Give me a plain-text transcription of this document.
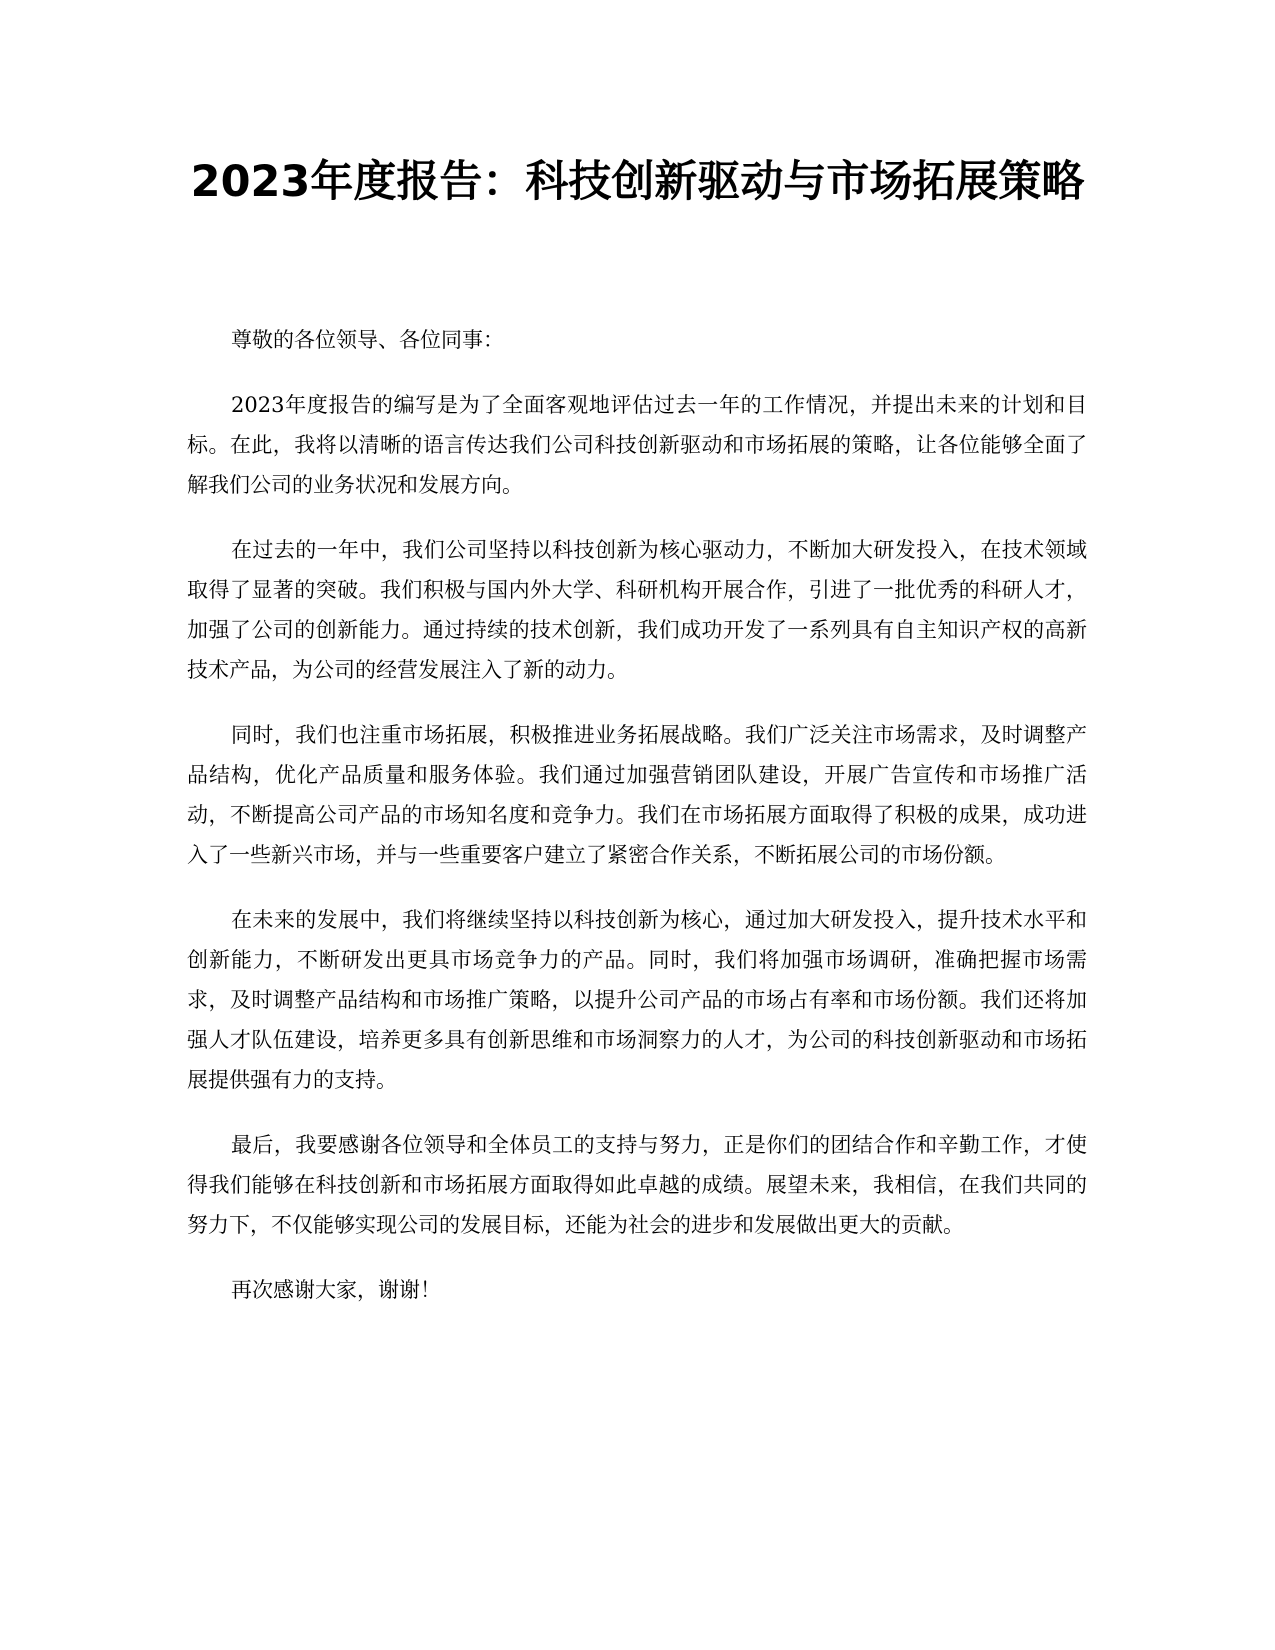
2023年度报告：科技创新驱动与市场拓展策略

尊敬的各位领导、各位同事：

2023年度报告的编写是为了全面客观地评估过去一年的工作情况，并提出未来的计划和目标。在此，我将以清晰的语言传达我们公司科技创新驱动和市场拓展的策略，让各位能够全面了解我们公司的业务状况和发展方向。

在过去的一年中，我们公司坚持以科技创新为核心驱动力，不断加大研发投入，在技术领域取得了显著的突破。我们积极与国内外大学、科研机构开展合作，引进了一批优秀的科研人才，加强了公司的创新能力。通过持续的技术创新，我们成功开发了一系列具有自主知识产权的高新技术产品，为公司的经营发展注入了新的动力。

同时，我们也注重市场拓展，积极推进业务拓展战略。我们广泛关注市场需求，及时调整产品结构，优化产品质量和服务体验。我们通过加强营销团队建设，开展广告宣传和市场推广活动，不断提高公司产品的市场知名度和竞争力。我们在市场拓展方面取得了积极的成果，成功进入了一些新兴市场，并与一些重要客户建立了紧密合作关系，不断拓展公司的市场份额。

在未来的发展中，我们将继续坚持以科技创新为核心，通过加大研发投入，提升技术水平和创新能力，不断研发出更具市场竞争力的产品。同时，我们将加强市场调研，准确把握市场需求，及时调整产品结构和市场推广策略，以提升公司产品的市场占有率和市场份额。我们还将加强人才队伍建设，培养更多具有创新思维和市场洞察力的人才，为公司的科技创新驱动和市场拓展提供强有力的支持。

最后，我要感谢各位领导和全体员工的支持与努力，正是你们的团结合作和辛勤工作，才使得我们能够在科技创新和市场拓展方面取得如此卓越的成绩。展望未来，我相信，在我们共同的努力下，不仅能够实现公司的发展目标，还能为社会的进步和发展做出更大的贡献。

再次感谢大家，谢谢！
